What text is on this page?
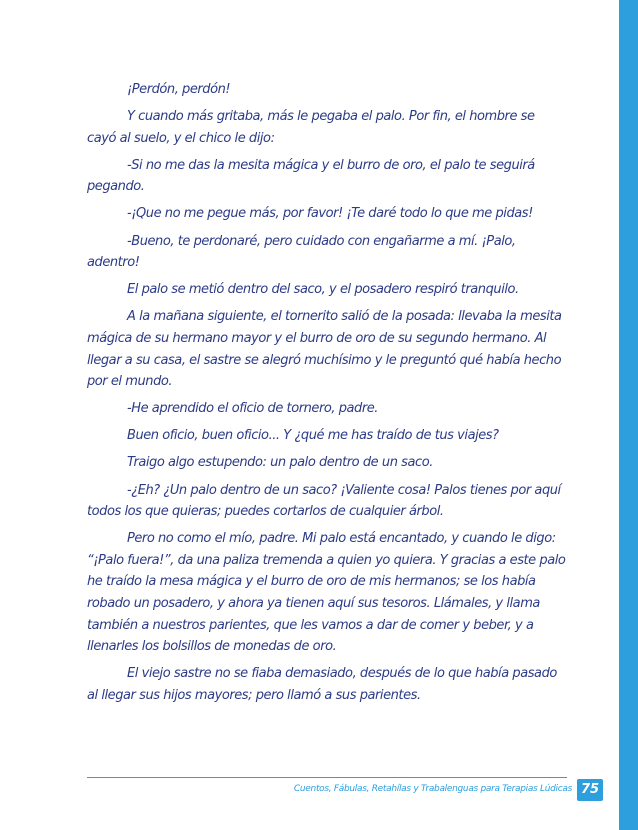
¡Perdón, perdón!

Y cuando más gritaba, más le pegaba el palo. Por fin, el hombre se cayó al suelo, y el chico le dijo:

-Si no me das la mesita mágica y el burro de oro, el palo te seguirá pegando.

-¡Que no me pegue más, por favor! ¡Te daré todo lo que me pidas!

-Bueno, te perdonaré, pero cuidado con engañarme a mí. ¡Palo, adentro!

El palo se metió dentro del saco, y el posadero respiró tranquilo.

A la mañana siguiente, el tornerito salió de la posada: llevaba la mesita mágica de su hermano mayor y el burro de oro de su segundo hermano. Al llegar a su casa, el sastre se alegró muchísimo y le preguntó qué había hecho por el mundo.

-He aprendido el oficio de tornero, padre.

Buen oficio, buen oficio... Y ¿qué me has traído de tus viajes?

Traigo algo estupendo: un palo dentro de un saco.

-¿Eh? ¿Un palo dentro de un saco? ¡Valiente cosa! Palos tienes por aquí todos los que quieras; puedes cortarlos de cualquier árbol.

Pero no como el mío, padre. Mi palo está encantado, y cuando le digo: “¡Palo fuera!”, da una paliza tremenda a quien yo quiera. Y gracias a este palo he traído la mesa mágica y el burro de oro de mis hermanos; se los había robado un posadero, y ahora ya tienen aquí sus tesoros. Llámales, y llama también a nuestros parientes, que les vamos a dar de comer y beber, y a llenarles los bolsillos de monedas de oro.

El viejo sastre no se fiaba demasiado, después de lo que había pasado al llegar sus hijos mayores; pero llamó a sus parientes.

Cuentos, Fábulas, Retahílas y Trabalenguas para Terapias Lúdicas 75
